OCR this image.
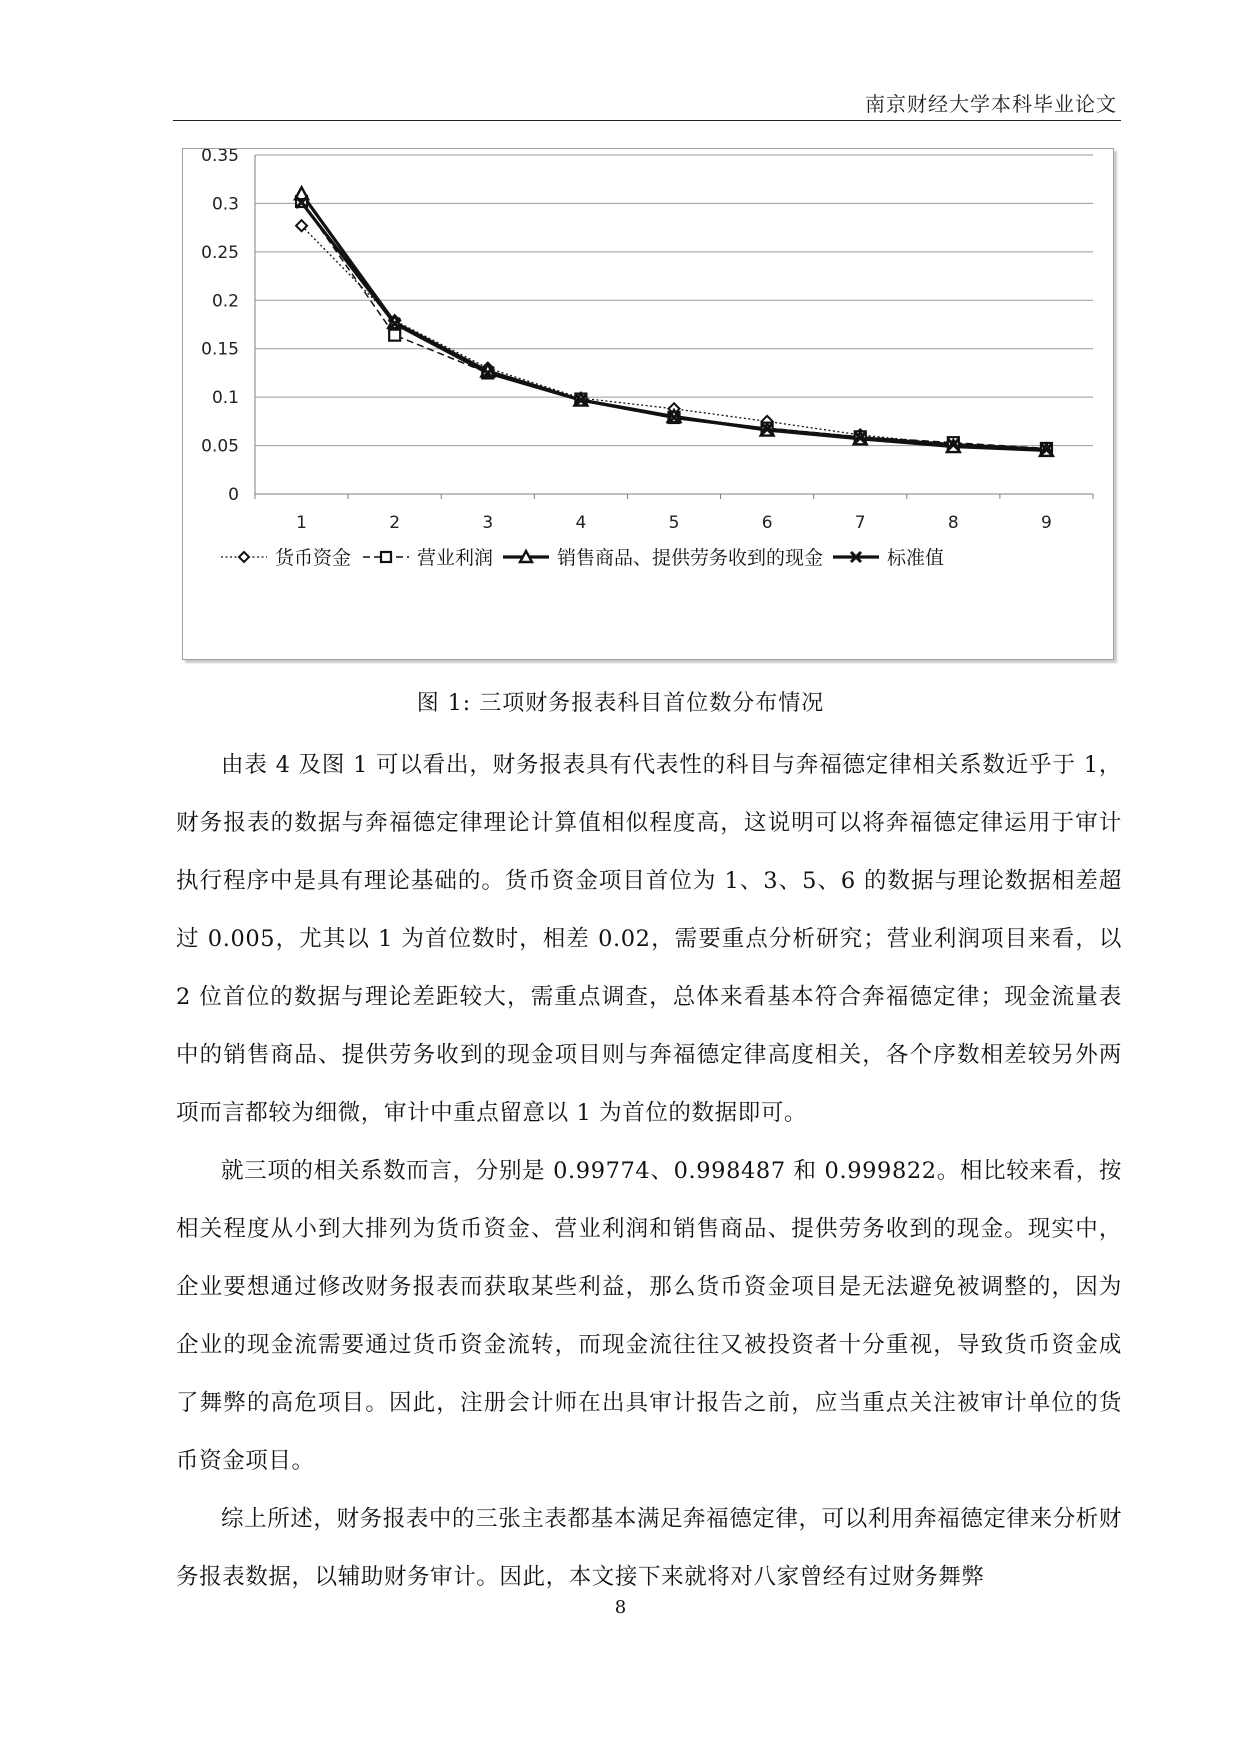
南京财经大学本科毕业论文
0
0.05
0.1
0.15
0.2
0.25
0.3
0.35
1	2	3	4	5	6	7	8	9
货币资金	营业利润	销售商品、提供劳务收到的现金	标准值
图 1: 三项财务报表科目首位数分布情况

由表 4 及图 1 可以看出，财务报表具有代表性的科目与奔福德定律相关系数近乎于 1，财务报表的数据与奔福德定律理论计算值相似程度高，这说明可以将奔福德定律运用于审计执行程序中是具有理论基础的。货币资金项目首位为 1、3、5、6 的数据与理论数据相差超过 0.005，尤其以 1 为首位数时，相差 0.02，需要重点分析研究；营业利润项目来看，以 2 位首位的数据与理论差距较大，需重点调查，总体来看基本符合奔福德定律；现金流量表中的销售商品、提供劳务收到的现金项目则与奔福德定律高度相关，各个序数相差较另外两项而言都较为细微，审计中重点留意以 1 为首位的数据即可。

就三项的相关系数而言，分别是 0.99774、0.998487 和 0.999822。相比较来看，按相关程度从小到大排列为货币资金、营业利润和销售商品、提供劳务收到的现金。现实中，企业要想通过修改财务报表而获取某些利益，那么货币资金项目是无法避免被调整的，因为企业的现金流需要通过货币资金流转，而现金流往往又被投资者十分重视，导致货币资金成了舞弊的高危项目。因此，注册会计师在出具审计报告之前，应当重点关注被审计单位的货币资金项目。

综上所述，财务报表中的三张主表都基本满足奔福德定律，可以利用奔福德定律来分析财务报表数据，以辅助财务审计。因此，本文接下来就将对八家曾经有过财务舞弊

8
